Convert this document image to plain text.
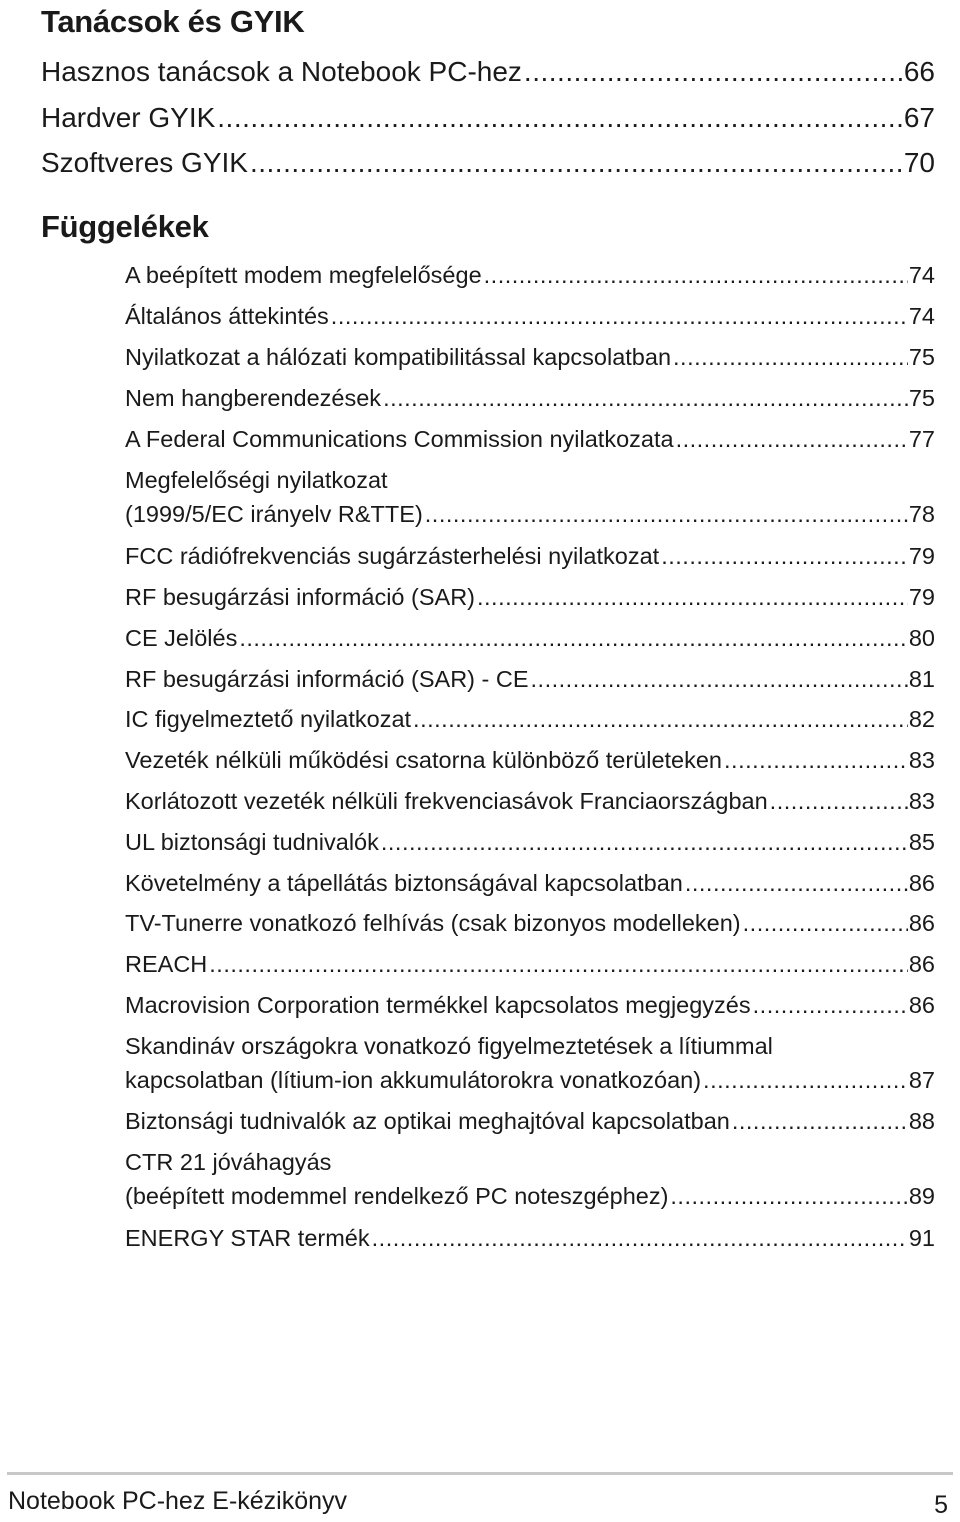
Tanácsok és GYIK
Hasznos tanácsok a Notebook PC-hez .....	66
Hardver GYIK .....	67
Szoftveres GYIK .....	70
Függelékek
A beépített modem megfelelősége .....	74
Általános áttekintés .....	74
Nyilatkozat a hálózati kompatibilitással kapcsolatban .....	75
Nem hangberendezések .....	75
A Federal Communications Commission nyilatkozata .....	77
Megfelelőségi nyilatkozat
(1999/5/EC irányelv R&TTE) .....	78
FCC rádiófrekvenciás sugárzásterhelési nyilatkozat .....	79
RF besugárzási információ (SAR) .....	79
CE Jelölés .....	80
RF besugárzási információ (SAR) - CE .....	81
IC figyelmeztető nyilatkozat .....	82
Vezeték nélküli működési csatorna különböző területeken .....	83
Korlátozott vezeték nélküli frekvenciasávok Franciaországban .....	83
UL biztonsági tudnivalók .....	85
Követelmény a tápellátás biztonságával kapcsolatban .....	86
TV-Tunerre vonatkozó felhívás (csak bizonyos modelleken) .....	86
REACH .....	86
Macrovision Corporation termékkel kapcsolatos megjegyzés .....	86
Skandináv országokra vonatkozó figyelmeztetések a lítiummal
kapcsolatban (lítium-ion akkumulátorokra vonatkozóan) .....	87
Biztonsági tudnivalók az optikai meghajtóval kapcsolatban .....	88
CTR 21 jóváhagyás
(beépített modemmel rendelkező PC noteszgéphez) .....	89
ENERGY STAR termék .....	91
Notebook PC-hez E-kézikönyv	5
